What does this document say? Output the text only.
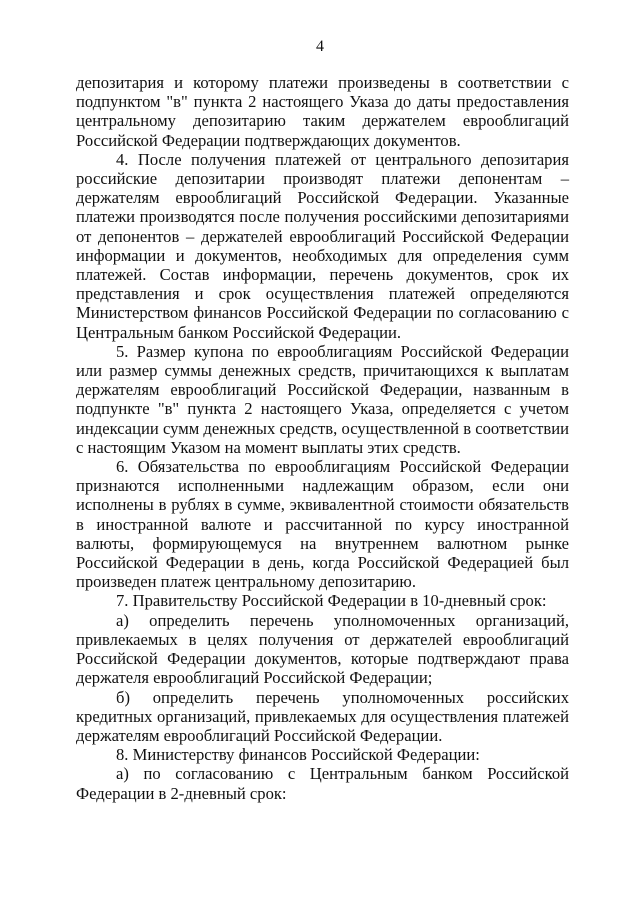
4

депозитария и которому платежи произведены в соответствии с подпунктом "в" пункта 2 настоящего Указа до даты предоставления центральному депозитарию таким держателем еврооблигаций Российской Федерации подтверждающих документов.

4. После получения платежей от центрального депозитария российские депозитарии производят платежи депонентам – держателям еврооблигаций Российской Федерации. Указанные платежи производятся после получения российскими депозитариями от депонентов – держателей еврооблигаций Российской Федерации информации и документов, необходимых для определения сумм платежей. Состав информации, перечень документов, срок их представления и срок осуществления платежей определяются Министерством финансов Российской Федерации по согласованию с Центральным банком Российской Федерации.

5. Размер купона по еврооблигациям Российской Федерации или размер суммы денежных средств, причитающихся к выплатам держателям еврооблигаций Российской Федерации, названным в подпункте "в" пункта 2 настоящего Указа, определяется с учетом индексации сумм денежных средств, осуществленной в соответствии с настоящим Указом на момент выплаты этих средств.

6. Обязательства по еврооблигациям Российской Федерации признаются исполненными надлежащим образом, если они исполнены в рублях в сумме, эквивалентной стоимости обязательств в иностранной валюте и рассчитанной по курсу иностранной валюты, формирующемуся на внутреннем валютном рынке Российской Федерации в день, когда Российской Федерацией был произведен платеж центральному депозитарию.

7. Правительству Российской Федерации в 10-дневный срок:

а) определить перечень уполномоченных организаций, привлекаемых в целях получения от держателей еврооблигаций Российской Федерации документов, которые подтверждают права держателя еврооблигаций Российской Федерации;

б) определить перечень уполномоченных российских кредитных организаций, привлекаемых для осуществления платежей держателям еврооблигаций Российской Федерации.

8. Министерству финансов Российской Федерации:

а) по согласованию с Центральным банком Российской Федерации в 2-дневный срок:
